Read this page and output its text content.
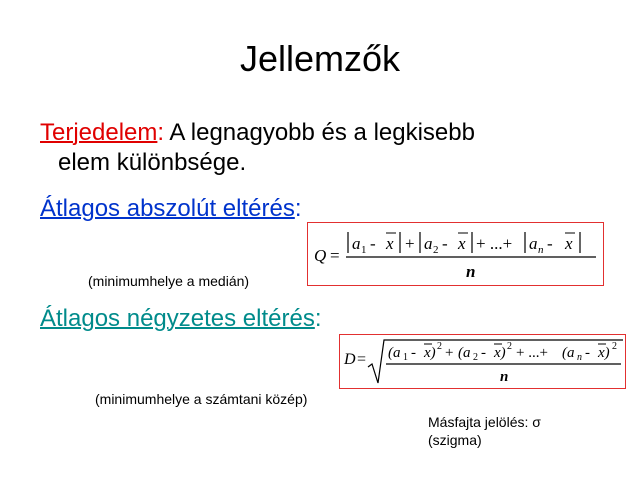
Jellemzők
Terjedelem: A legnagyobb és a legkisebb
elem különbsége.
Átlagos abszolút eltérés:
(minimumhelye a medián)
Q =
a 1 - x + a 2 - x + ...+ a n - x
n
Átlagos négyzetes eltérés:
D = (a 1 - x) 2 + (a 2 - x) 2 + ...+ (a n - x) 2
n
(minimumhelye a számtani közép)
Másfajta jelölés: σ (szigma)
